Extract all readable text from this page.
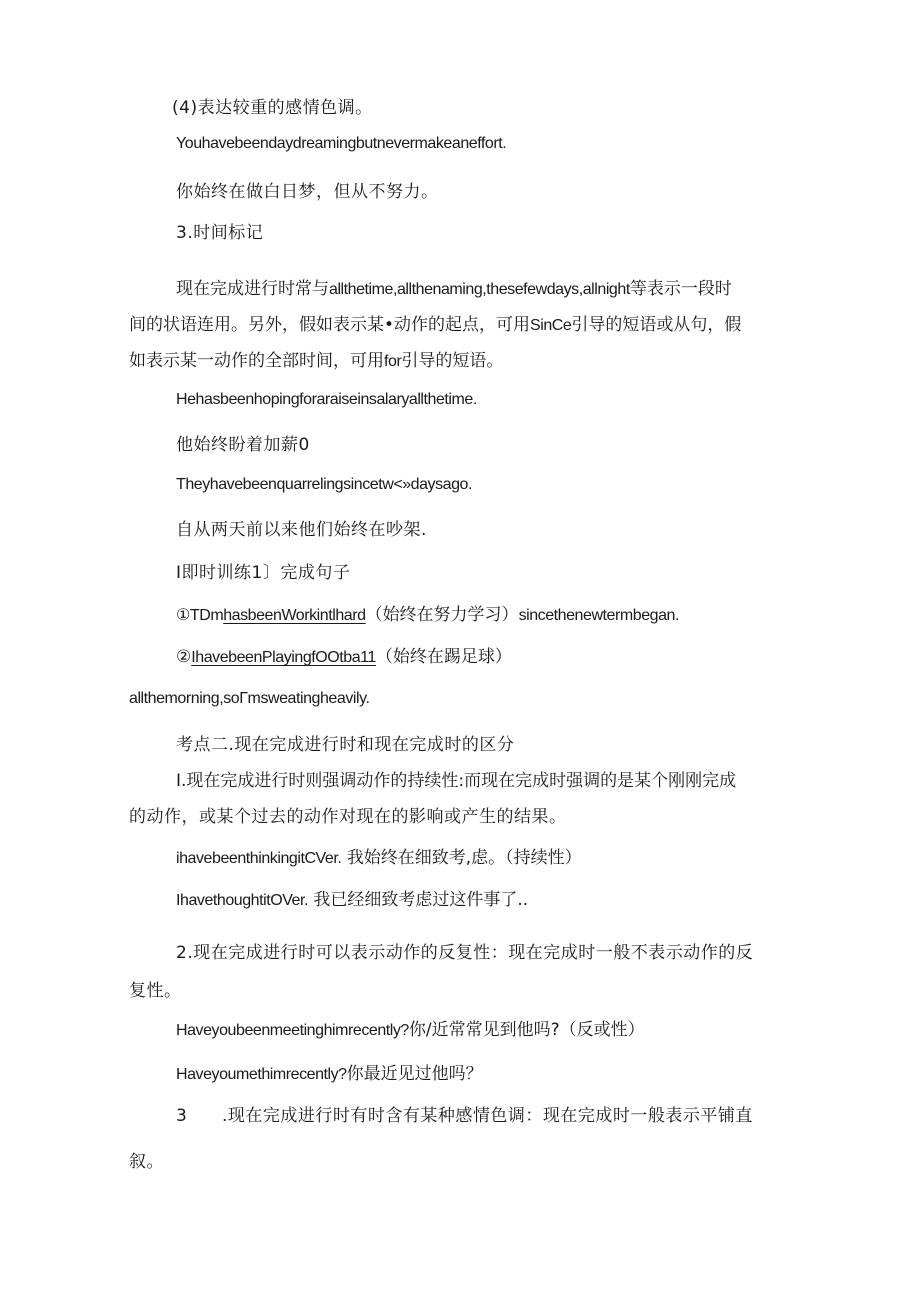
(4)表达较重的感情色调。
Youhavebeendaydreamingbutnevermakeaneffort.
你始终在做白日梦，但从不努力。
3.时间标记
现在完成进行时常与allthetime,allthenaming,thesefewdays,allnight等表示一段时
间的状语连用。另外，假如表示某•动作的起点，可用SinCe引导的短语或从句，假
如表示某一动作的全部时间，可用for引导的短语。
Hehasbeenhopingforaraiseinsalaryallthetime.
他始终盼着加薪0
Theyhavebeenquarrelingsincetw<»daysago.
自从两天前以来他们始终在吵架.
I即时训练1〕完成句子
①TDmhasbeenWorkintlhard（始终在努力学习）sincethenewtermbegan.
②IhavebeenPlayingfOOtba11（始终在踢足球）
allthemorning,soΓmsweatingheavily.
考点二.现在完成进行时和现在完成时的区分
I.现在完成进行时则强调动作的持续性:而现在完成时强调的是某个刚刚完成
的动作，或某个过去的动作对现在的影响或产生的结果。
ihavebeenthinkingitCVer. 我始终在细致考,虑。（持续性）
IhavethoughtitOVer. 我已经细致考虑过这件事了..
2.现在完成进行时可以表示动作的反复性：现在完成时一般不表示动作的反
复性。
Haveyoubeenmeetinghimrecently?你/近常常见到他吗?（反或性）
Haveyoumethimrecently?你最近见过他吗？
3 .现在完成进行时有时含有某种感情色调：现在完成时一般表示平铺直
叙。
